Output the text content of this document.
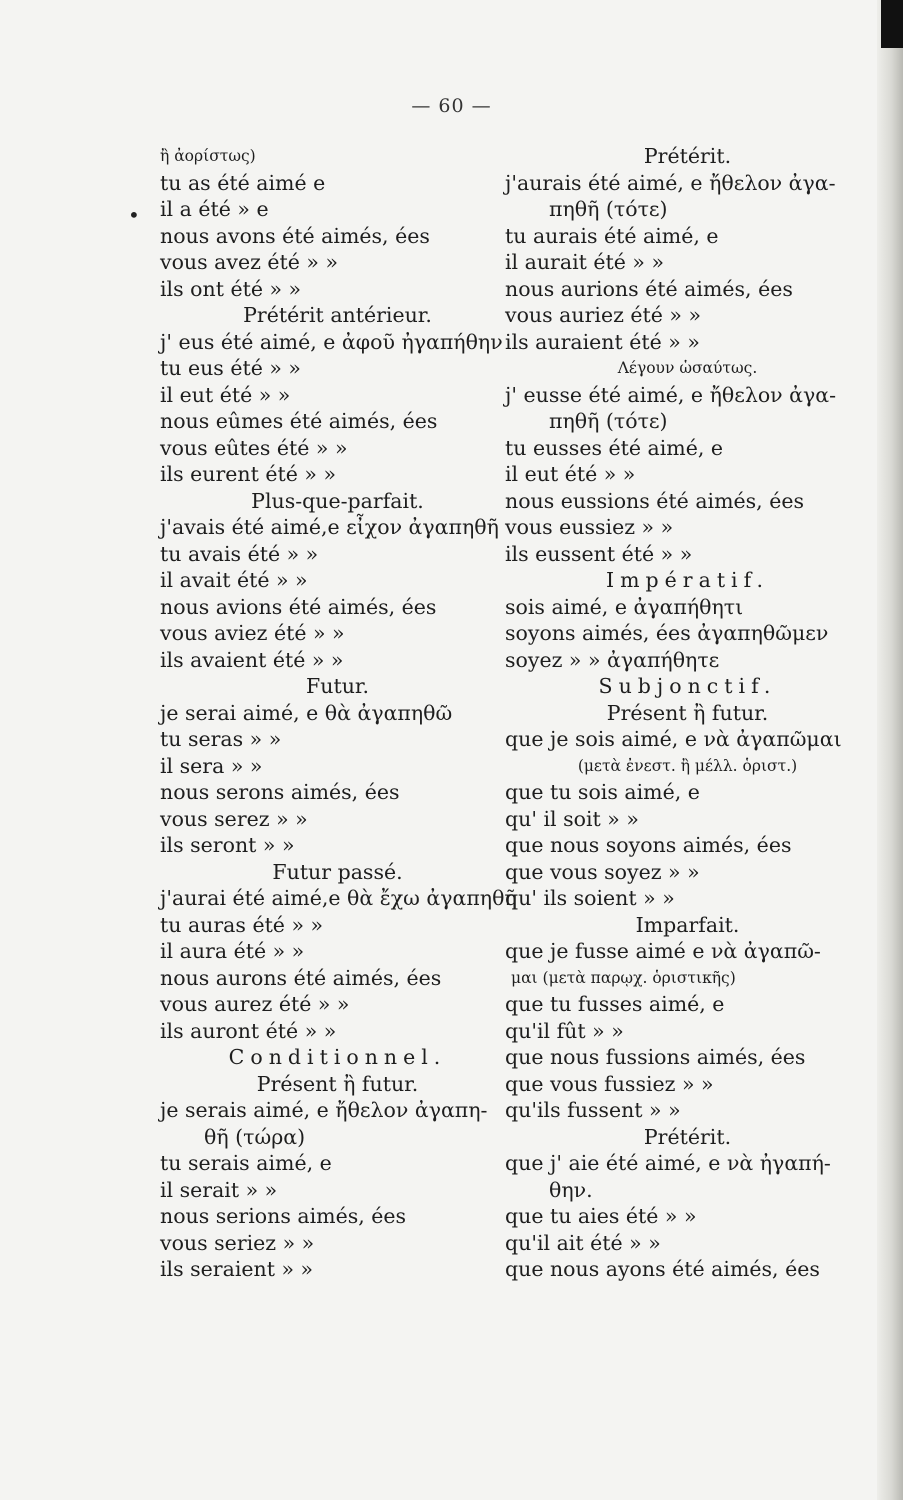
— 60 —
•
ἢ ἀορίστως)
tu as été aimé e
il a été » e
nous avons été aimés, ées
vous avez été » »
ils ont été » »
Prétérit antérieur.
j' eus été aimé, e ἀφοῦ ἠγαπήθην
tu eus été » »
il eut été » »
nous eûmes été aimés, ées
vous eûtes été » »
ils eurent été » »
Plus-que-parfait.
j'avais été aimé,e εἶχον ἀγαπηθῆ
tu avais été » »
il avait été » »
nous avions été aimés, ées
vous aviez été » »
ils avaient été » »
Futur.
je serai aimé, e θὰ ἀγαπηθῶ
tu seras » »
il sera » »
nous serons aimés, ées
vous serez » »
ils seront » »
Futur passé.
j'aurai été aimé,e θὰ ἔχω ἀγαπηθῆ
tu auras été » »
il aura été » »
nous aurons été aimés, ées
vous aurez été » »
ils auront été » »
Conditionnel.
Présent ἢ futur.
je serais aimé, e ἤθελον ἀγαπη-
θῆ (τώρα)
tu serais aimé, e
il serait » »
nous serions aimés, ées
vous seriez » »
ils seraient » »
Prétérit.
j'aurais été aimé, e ἤθελον ἀγα-
πηθῆ (τότε)
tu aurais été aimé, e
il aurait été » »
nous aurions été aimés, ées
vous auriez été » »
ils auraient été » »
Λέγουν ὡσαύτως.
j' eusse été aimé, e ἤθελον ἀγα-
πηθῆ (τότε)
tu eusses été aimé, e
il eut été » »
nous eussions été aimés, ées
vous eussiez » »
ils eussent été » »
Impératif.
sois aimé, e ἀγαπήθητι
soyons aimés, ées ἀγαπηθῶμεν
soyez » » ἀγαπήθητε
Subjonctif.
Présent ἢ futur.
que je sois aimé, e νὰ ἀγαπῶμαι
(μετὰ ἐνεστ. ἢ μέλλ. ὁριστ.)
que tu sois aimé, e
qu' il soit » »
que nous soyons aimés, ées
que vous soyez » »
qu' ils soient » »
Imparfait.
que je fusse aimé e νὰ ἀγαπῶ-
μαι (μετὰ παρῳχ. ὁριστικῆς)
que tu fusses aimé, e
qu'il fût » »
que nous fussions aimés, ées
que vous fussiez » »
qu'ils fussent » »
Prétérit.
que j' aie été aimé, e νὰ ἠγαπή-
θην.
que tu aies été » »
qu'il ait été » »
que nous ayons été aimés, ées
